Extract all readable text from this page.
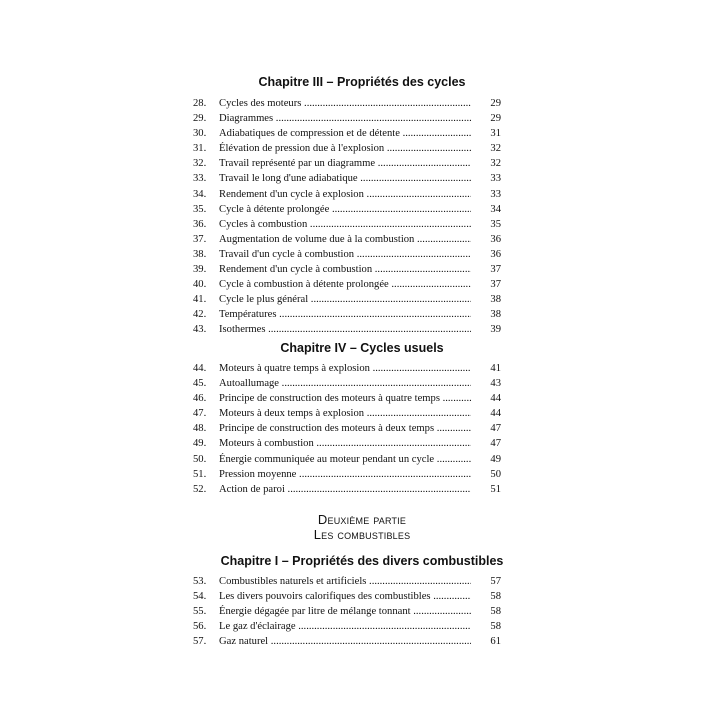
Chapitre III – Propriétés des cycles
28.	Cycles des moteurs .....	29
29.	Diagrammes .....	29
30.	Adiabatiques de compression et de détente .....	31
31.	Élévation de pression due à l'explosion .....	32
32.	Travail représenté par un diagramme .....	32
33.	Travail le long d'une adiabatique .....	33
34.	Rendement d'un cycle à explosion .....	33
35.	Cycle à détente prolongée .....	34
36.	Cycles à combustion .....	35
37.	Augmentation de volume due à la combustion .....	36
38.	Travail d'un cycle à combustion .....	36
39.	Rendement d'un cycle à combustion .....	37
40.	Cycle à combustion à détente prolongée .....	37
41.	Cycle le plus général .....	38
42.	Températures .....	38
43.	Isothermes .....	39
Chapitre IV – Cycles usuels
44.	Moteurs à quatre temps à explosion .....	41
45.	Autoallumage .....	43
46.	Principe de construction des moteurs à quatre temps .....	44
47.	Moteurs à deux temps à explosion .....	44
48.	Principe de construction des moteurs à deux temps .....	47
49.	Moteurs à combustion .....	47
50.	Énergie communiquée au moteur pendant un cycle .....	49
51.	Pression moyenne .....	50
52.	Action de paroi .....	51
Deuxième partie
Les combustibles
Chapitre I – Propriétés des divers combustibles
53.	Combustibles naturels et artificiels .....	57
54.	Les divers pouvoirs calorifiques des combustibles .....	58
55.	Énergie dégagée par litre de mélange tonnant .....	58
56.	Le gaz d'éclairage .....	58
57.	Gaz naturel .....	61
